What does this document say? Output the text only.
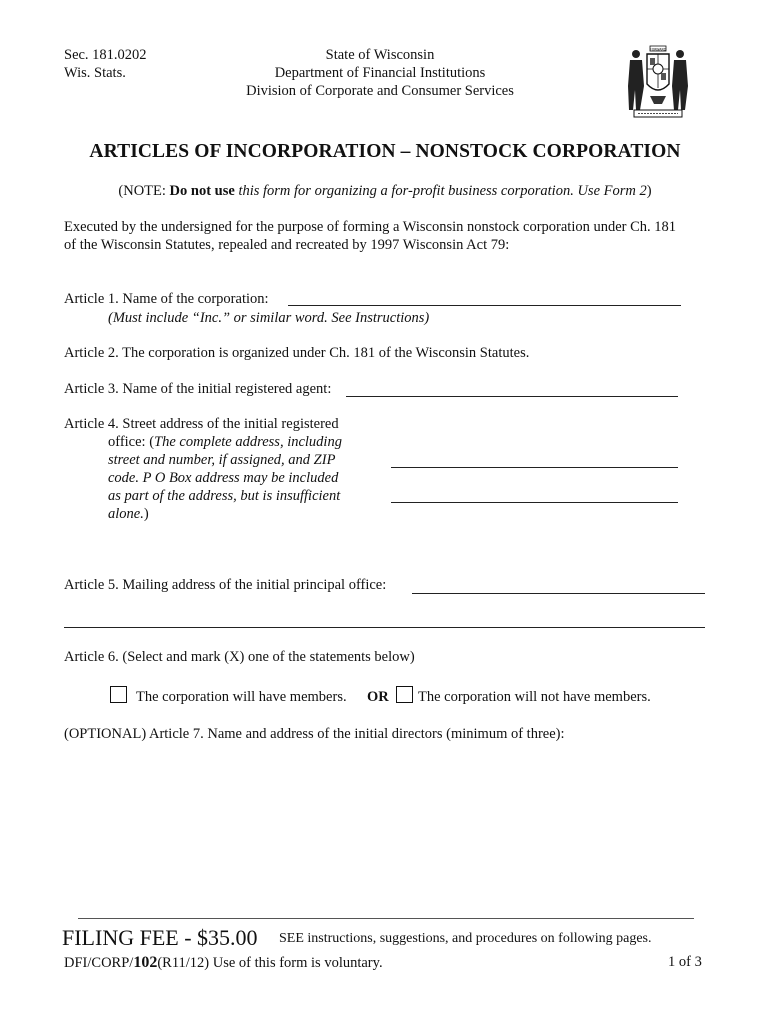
Sec. 181.0202
Wis. Stats.
State of Wisconsin
Department of Financial Institutions
Division of Corporate and Consumer Services
FORWARD
ARTICLES OF INCORPORATION – NONSTOCK CORPORATION
(NOTE: Do not use this form for organizing a for-profit business corporation. Use Form 2)
Executed by the undersigned for the purpose of forming a Wisconsin nonstock corporation under Ch. 181
of the Wisconsin Statutes, repealed and recreated by 1997 Wisconsin Act 79:
Article 1. Name of the corporation:
(Must include “Inc.” or similar word. See Instructions)
Article 2. The corporation is organized under Ch. 181 of the Wisconsin Statutes.
Article 3. Name of the initial registered agent:
Article 4. Street address of the initial registered
office: (The complete address, including
street and number, if assigned, and ZIP
code. P O Box address may be included
as part of the address, but is insufficient
alone.)
Article 5. Mailing address of the initial principal office:
Article 6. (Select and mark (X) one of the statements below)
The corporation will have members. OR The corporation will not have members.
(OPTIONAL) Article 7. Name and address of the initial directors (minimum of three):
FILING FEE - $35.00 SEE instructions, suggestions, and procedures on following pages.
DFI/CORP/102(R11/12) Use of this form is voluntary.	1 of 3
